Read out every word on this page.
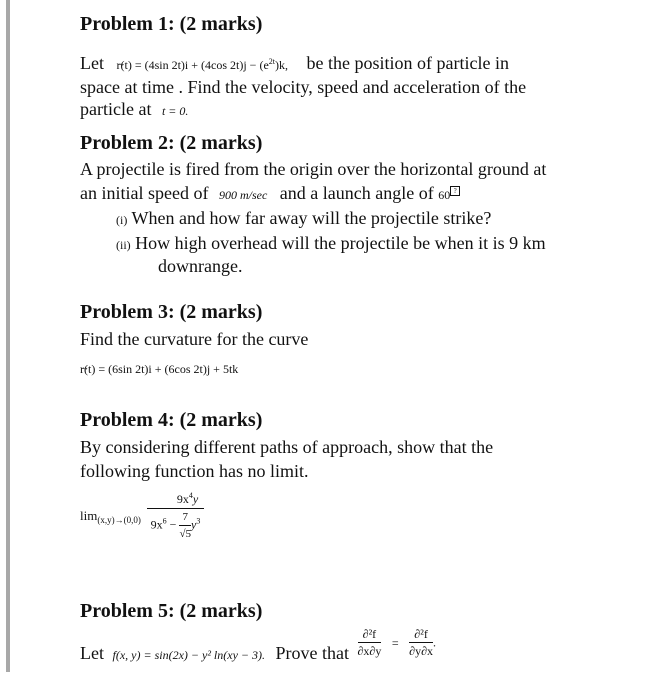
Problem 1: (2 marks)
Let r(t) = (4sin 2t)i + (4cos $2t)j - (e^{2t})k$, be the position of particle in
space at time . Find the velocity, speed and acceleration of the
particle at t = 0.
Problem 2: (2 marks)
A projectile is fired from the origin over the horizontal ground at
an initial speed of 900 m/sec and a launch angle of 60 ?
(i) When and how far away will the projectile strike?
(ii) How high overhead will the projectile be when it is 9 km
downrange.
Problem 3: (2 marks)
Find the curvature for the curve
r(t) = (6sin 2t)i + (6cos 2t)j + 5tk
Problem 4: (2 marks)
By considering different paths of approach, show that the
following function has no limit.
$\lim_{(x,y)\to(0,0)} \frac{9x^4y}{9x^6 - \frac{7}{√5} y^3}$
Problem 5: (2 marks)
Let f(x, y) = sin(2x) − y² ln(xy − 3). Prove that $\frac{\text{∂²f}}{\partial x\partial y} = \frac{\text{∂²f}}{\partial y\partial x}$ .
